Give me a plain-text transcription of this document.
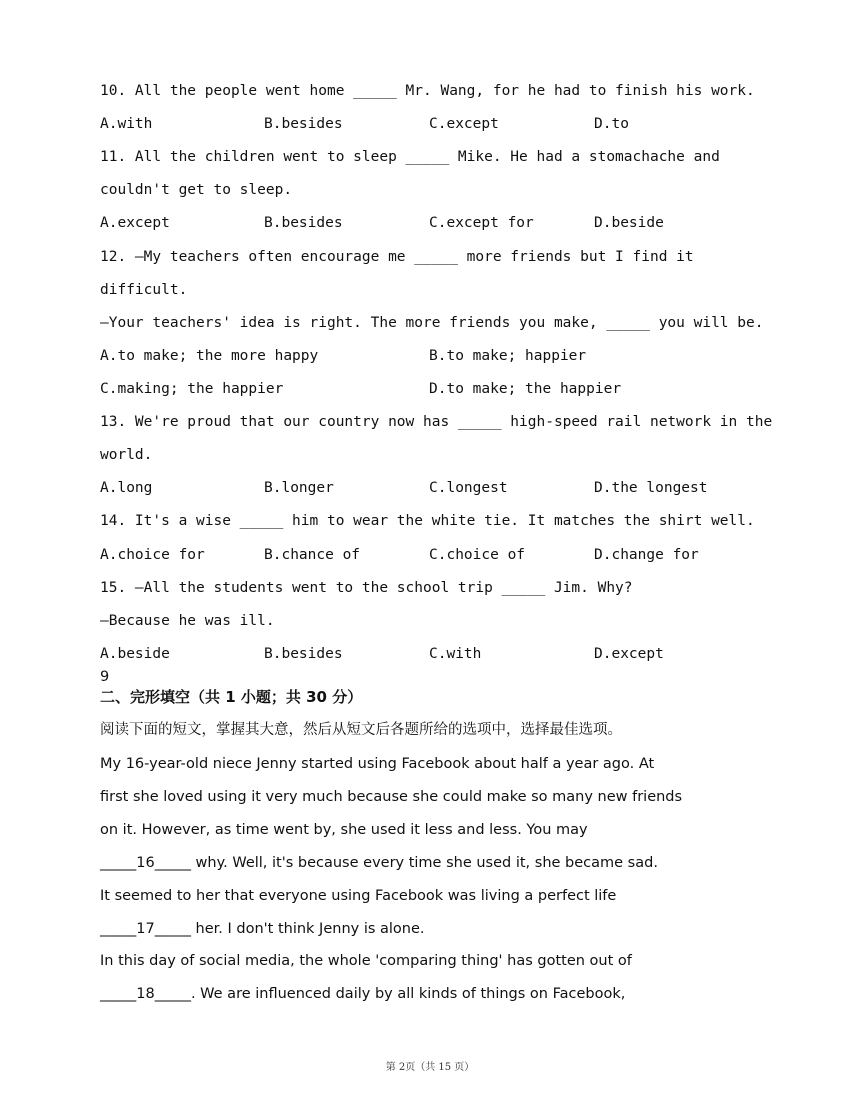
10. All the people went home _____ Mr. Wang, for he had to finish his work.
A.with	B.besides	C.except	D.to
11. All the children went to sleep _____ Mike. He had a stomachache and
couldn't get to sleep.
A.except	B.besides	C.except for	D.beside
12. —My teachers often encourage me _____ more friends but I find it
difficult.
—Your teachers' idea is right. The more friends you make, _____ you will be.
A.to make; the more happy	B.to make; happier
C.making; the happier	D.to make; the happier
13. We're proud that our country now has _____ high-speed rail network in the
world.
A.long	B.longer	C.longest	D.the longest
14. It's a wise _____ him to wear the white tie. It matches the shirt well.
A.choice for	B.chance of	C.choice of	D.change for
15. —All the students went to the school trip _____ Jim. Why?
—Because he was ill.
A.beside	B.besides	C.with	D.except
9
二、完形填空（共 1 小题；共 30 分）
阅读下面的短文，掌握其大意，然后从短文后各题所给的选项中，选择最佳选项。
My 16-year-old niece Jenny started using Facebook about half a year ago. At
first she loved using it very much because she could make so many new friends
on it. However, as time went by, she used it less and less. You may
_____16_____ why. Well, it's because every time she used it, she became sad.
It seemed to her that everyone using Facebook was living a perfect life
_____17_____ her. I don't think Jenny is alone.
In this day of social media, the whole 'comparing thing' has gotten out of
_____18_____. We are influenced daily by all kinds of things on Facebook,
第 2页（共 15 页）
